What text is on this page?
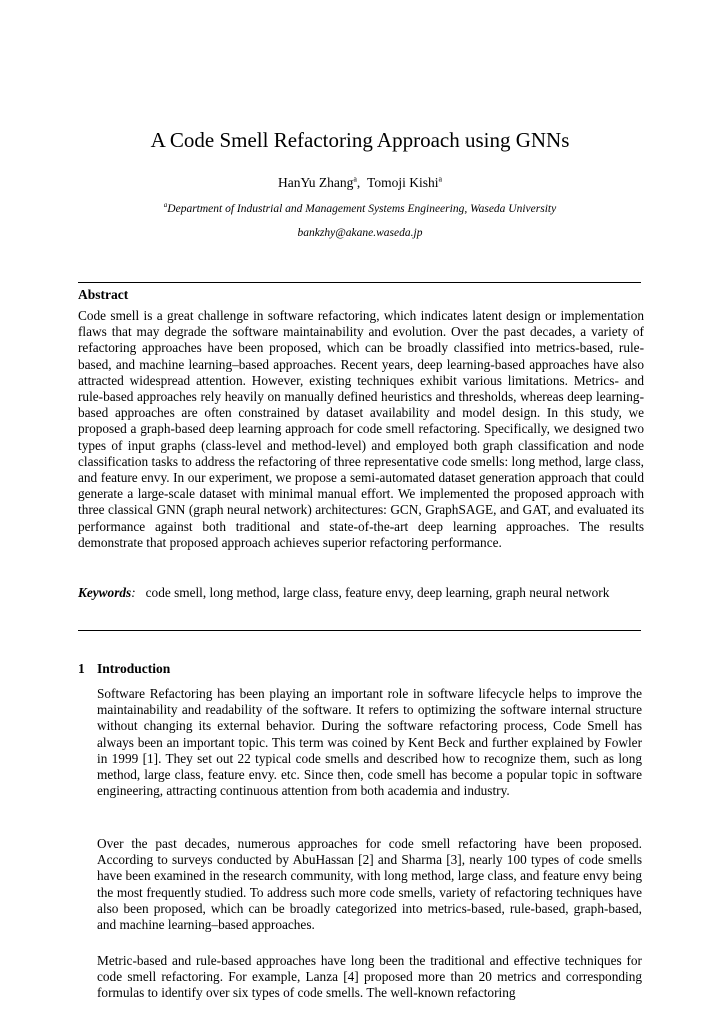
A Code Smell Refactoring Approach using GNNs
HanYu Zhang$^a$,  Tomoji Kishi$^a$
$^a$Department of Industrial and Management Systems Engineering, Waseda University
bankzhy@akane.waseda.jp
Abstract
Code smell is a great challenge in software refactoring, which indicates latent design or implementation flaws that may degrade the software maintainability and evolution. Over the past decades, a variety of refactoring approaches have been proposed, which can be broadly classified into metrics-based, rule-based, and machine learning–based approaches. Recent years, deep learning-based approaches have also attracted widespread attention. However, existing techniques exhibit various limitations. Metrics- and rule-based approaches rely heavily on manually defined heuristics and thresholds, whereas deep learning-based approaches are often constrained by dataset availability and model design. In this study, we proposed a graph-based deep learning approach for code smell refactoring. Specifically, we designed two types of input graphs (class-level and method-level) and employed both graph classification and node classification tasks to address the refactoring of three representative code smells: long method, large class, and feature envy. In our experiment, we propose a semi-automated dataset generation approach that could generate a large-scale dataset with minimal manual effort. We implemented the proposed approach with three classical GNN (graph neural network) architectures: GCN, GraphSAGE, and GAT, and evaluated its performance against both traditional and state-of-the-art deep learning approaches. The results demonstrate that proposed approach achieves superior refactoring performance.
Keywords: code smell, long method, large class, feature envy, deep learning, graph neural network
1 Introduction
Software Refactoring has been playing an important role in software lifecycle helps to improve the maintainability and readability of the software. It refers to optimizing the software internal structure without changing its external behavior. During the software refactoring process, Code Smell has always been an important topic. This term was coined by Kent Beck and further explained by Fowler in 1999 [1]. They set out 22 typical code smells and described how to recognize them, such as long method, large class, feature envy. etc. Since then, code smell has become a popular topic in software engineering, attracting continuous attention from both academia and industry.
Over the past decades, numerous approaches for code smell refactoring have been proposed. According to surveys conducted by AbuHassan [2] and Sharma [3], nearly 100 types of code smells have been examined in the research community, with long method, large class, and feature envy being the most frequently studied. To address such more code smells, variety of refactoring techniques have also been proposed, which can be broadly categorized into metrics-based, rule-based, graph-based, and machine learning–based approaches.
Metric-based and rule-based approaches have long been the traditional and effective techniques for code smell refactoring. For example, Lanza [4] proposed more than 20 metrics and corresponding formulas to identify over six types of code smells. The well-known refactoring
